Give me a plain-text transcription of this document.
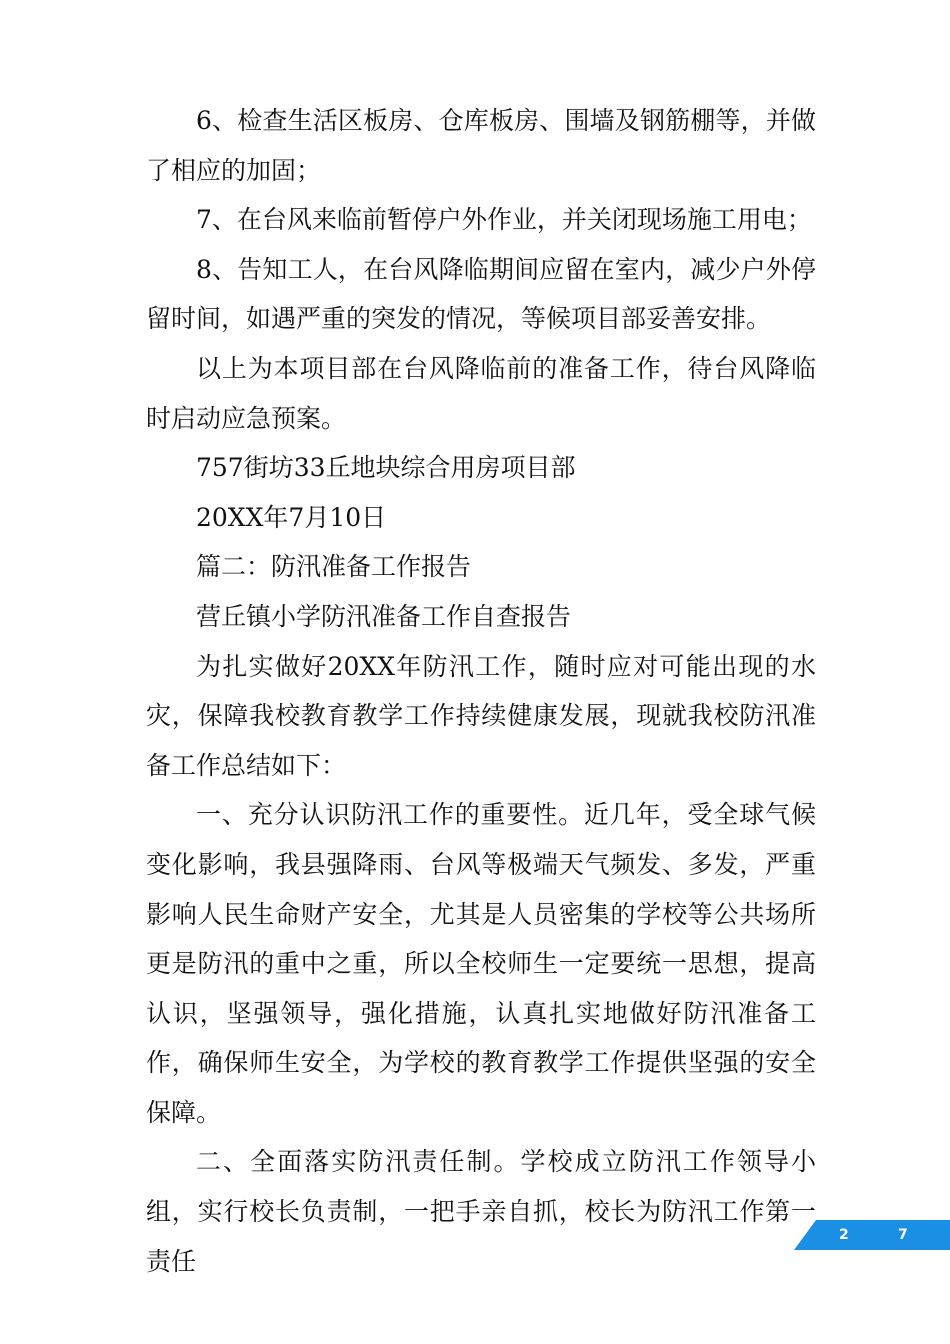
6、检查生活区板房、仓库板房、围墙及钢筋棚等，并做了相应的加固；

7、在台风来临前暂停户外作业，并关闭现场施工用电；

8、告知工人，在台风降临期间应留在室内，减少户外停留时间，如遇严重的突发的情况，等候项目部妥善安排。

以上为本项目部在台风降临前的准备工作，待台风降临时启动应急预案。

757街坊33丘地块综合用房项目部

20XX年7月10日

篇二：防汛准备工作报告

营丘镇小学防汛准备工作自查报告

为扎实做好20XX年防汛工作，随时应对可能出现的水灾，保障我校教育教学工作持续健康发展，现就我校防汛准备工作总结如下：

一、充分认识防汛工作的重要性。近几年，受全球气候变化影响，我县强降雨、台风等极端天气频发、多发，严重影响人民生命财产安全，尤其是人员密集的学校等公共场所更是防汛的重中之重，所以全校师生一定要统一思想，提高认识，坚强领导，强化措施，认真扎实地做好防汛准备工作，确保师生安全，为学校的教育教学工作提供坚强的安全保障。

二、全面落实防汛责任制。学校成立防汛工作领导小组，实行校长负责制，一把手亲自抓，校长为防汛工作第一责任

2	7
